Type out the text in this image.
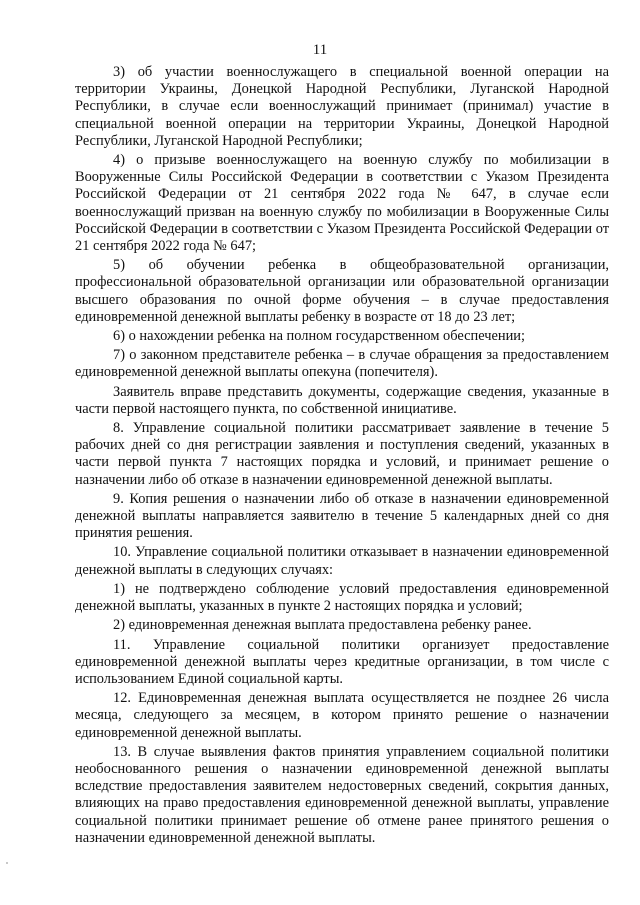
11

3) об участии военнослужащего в специальной военной операции на территории Украины, Донецкой Народной Республики, Луганской Народной Республики, в случае если военнослужащий принимает (принимал) участие в специальной военной операции на территории Украины, Донецкой Народной Республики, Луганской Народной Республики;

4) о призыве военнослужащего на военную службу по мобилизации в Вооруженные Силы Российской Федерации в соответствии с Указом Президента Российской Федерации от 21 сентября 2022 года № 647, в случае если военнослужащий призван на военную службу по мобилизации в Вооруженные Силы Российской Федерации в соответствии с Указом Президента Российской Федерации от 21 сентября 2022 года № 647;

5) об обучении ребенка в общеобразовательной организации, профессиональной образовательной организации или образовательной организации высшего образования по очной форме обучения – в случае предоставления единовременной денежной выплаты ребенку в возрасте от 18 до 23 лет;

6) о нахождении ребенка на полном государственном обеспечении;

7) о законном представителе ребенка – в случае обращения за предоставлением единовременной денежной выплаты опекуна (попечителя).

Заявитель вправе представить документы, содержащие сведения, указанные в части первой настоящего пункта, по собственной инициативе.

8. Управление социальной политики рассматривает заявление в течение 5 рабочих дней со дня регистрации заявления и поступления сведений, указанных в части первой пункта 7 настоящих порядка и условий, и принимает решение о назначении либо об отказе в назначении единовременной денежной выплаты.

9. Копия решения о назначении либо об отказе в назначении единовременной денежной выплаты направляется заявителю в течение 5 календарных дней со дня принятия решения.

10. Управление социальной политики отказывает в назначении единовременной денежной выплаты в следующих случаях:

1) не подтверждено соблюдение условий предоставления единовременной денежной выплаты, указанных в пункте 2 настоящих порядка и условий;

2) единовременная денежная выплата предоставлена ребенку ранее.

11. Управление социальной политики организует предоставление единовременной денежной выплаты через кредитные организации, в том числе с использованием Единой социальной карты.

12. Единовременная денежная выплата осуществляется не позднее 26 числа месяца, следующего за месяцем, в котором принято решение о назначении единовременной денежной выплаты.

13. В случае выявления фактов принятия управлением социальной политики необоснованного решения о назначении единовременной денежной выплаты вследствие предоставления заявителем недостоверных сведений, сокрытия данных, влияющих на право предоставления единовременной денежной выплаты, управление социальной политики принимает решение об отмене ранее принятого решения о назначении единовременной денежной выплаты.
